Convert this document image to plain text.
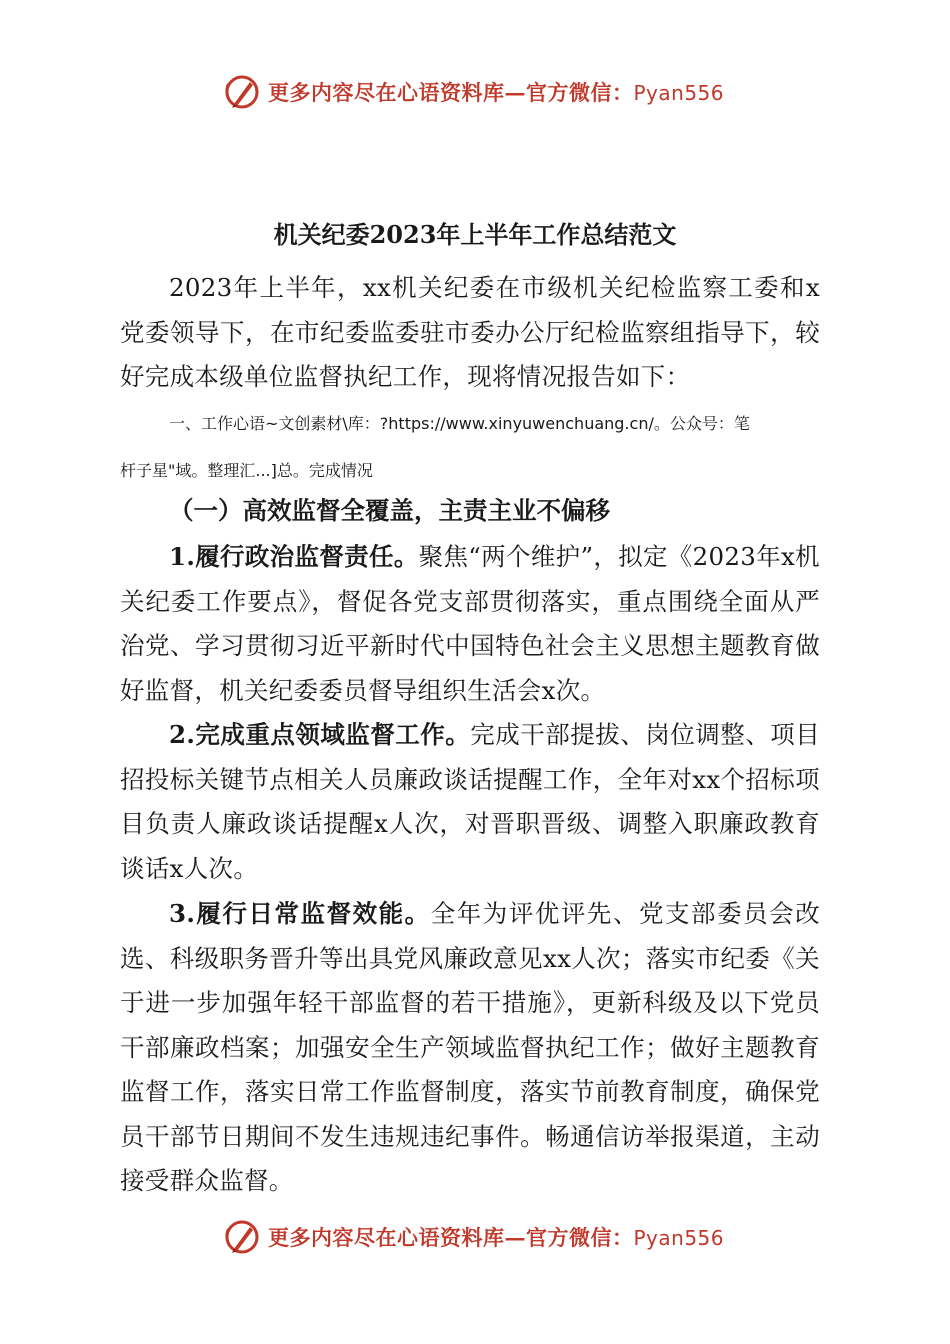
更多内容尽在心语资料库—官方微信：Pyan556
机关纪委2023年上半年工作总结范文
2023年上半年，xx机关纪委在市级机关纪检监察工委和x党委领导下，在市纪委监委驻市委办公厅纪检监察组指导下，较好完成本级单位监督执纪工作，现将情况报告如下：
一、工作心语~文创素材\库：?https://www.xinyuwenchuang.cn/。公众号：笔
杆子星"域。整理汇...]总。完成情况
（一）高效监督全覆盖，主责主业不偏移
1.履行政治监督责任。聚焦“两个维护”，拟定《2023年x机关纪委工作要点》，督促各党支部贯彻落实，重点围绕全面从严治党、学习贯彻习近平新时代中国特色社会主义思想主题教育做好监督，机关纪委委员督导组织生活会x次。
2.完成重点领域监督工作。完成干部提拔、岗位调整、项目招投标关键节点相关人员廉政谈话提醒工作，全年对xx个招标项目负责人廉政谈话提醒x人次，对晋职晋级、调整入职廉政教育谈话x人次。
3.履行日常监督效能。全年为评优评先、党支部委员会改选、科级职务晋升等出具党风廉政意见xx人次；落实市纪委《关于进一步加强年轻干部监督的若干措施》，更新科级及以下党员干部廉政档案；加强安全生产领域监督执纪工作；做好主题教育监督工作，落实日常工作监督制度，落实节前教育制度，确保党员干部节日期间不发生违规违纪事件。畅通信访举报渠道，主动接受群众监督。
更多内容尽在心语资料库—官方微信：Pyan556
